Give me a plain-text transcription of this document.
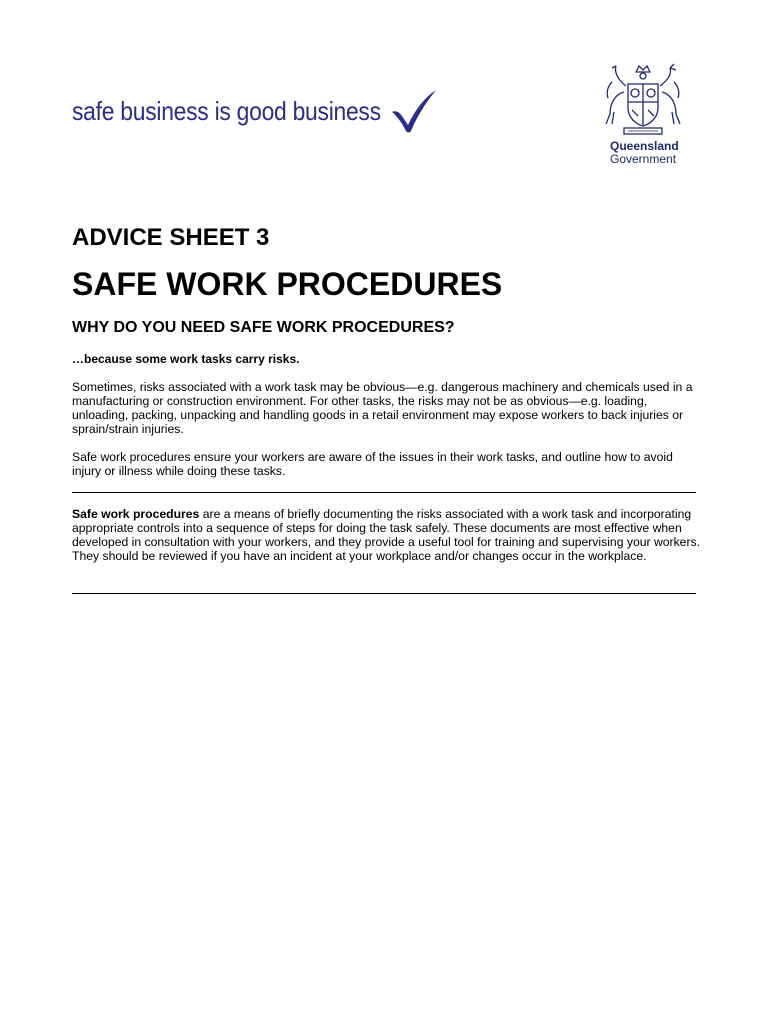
safe business is good business
Queensland
Government
ADVICE SHEET 3
SAFE WORK PROCEDURES
WHY DO YOU NEED SAFE WORK PROCEDURES?
…because some work tasks carry risks.

Sometimes, risks associated with a work task may be obvious—e.g. dangerous machinery and chemicals used in a manufacturing or construction environment. For other tasks, the risks may not be as obvious—e.g. loading, unloading, packing, unpacking and handling goods in a retail environment may expose workers to back injuries or sprain/strain injuries.

Safe work procedures ensure your workers are aware of the issues in their work tasks, and outline how to avoid injury or illness while doing these tasks.

Safe work procedures are a means of briefly documenting the risks associated with a work task and incorporating appropriate controls into a sequence of steps for doing the task safely. These documents are most effective when developed in consultation with your workers, and they provide a useful tool for training and supervising your workers. They should be reviewed if you have an incident at your workplace and/or changes occur in the workplace.
